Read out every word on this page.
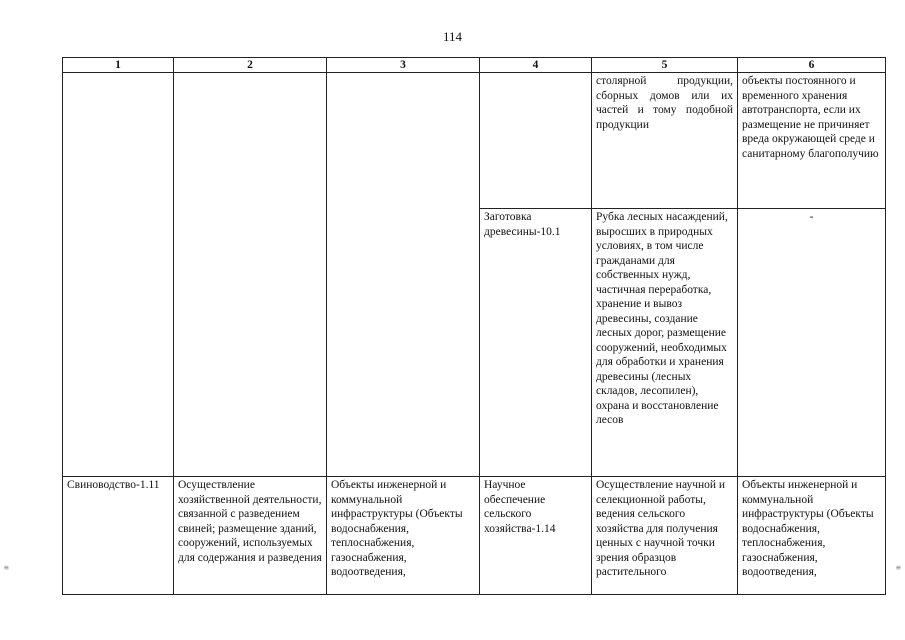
114
1	2	3	4	5	6
				столярной продукции, сборных домов или их частей и тому подобной продукции	объекты постоянного и временного хранения автотранспорта, если их размещение не причиняет вреда окружающей среде и санитарному благополучию
			Заготовка древесины-10.1	Рубка лесных насаждений, выросших в природных условиях, в том числе гражданами для собственных нужд, частичная переработка, хранение и вывоз древесины, создание лесных дорог, размещение сооружений, необходимых для обработки и хранения древесины (лесных складов, лесопилен), охрана и восстановление лесов	-
Свиноводство-1.11	Осуществление хозяйственной деятельности, связанной с разведением свиней; размещение зданий, сооружений, используемых для содержания и разведения	Объекты инженерной и коммунальной инфраструктуры (Объекты водоснабжения, теплоснабжения, газоснабжения, водоотведения,	Научное обеспечение сельского хозяйства-1.14	Осуществление научной и селекционной работы, ведения сельского хозяйства для получения ценных с научной точки зрения образцов растительного	Объекты инженерной и коммунальной инфраструктуры (Объекты водоснабжения, теплоснабжения, газоснабжения, водоотведения,
≡	≡
